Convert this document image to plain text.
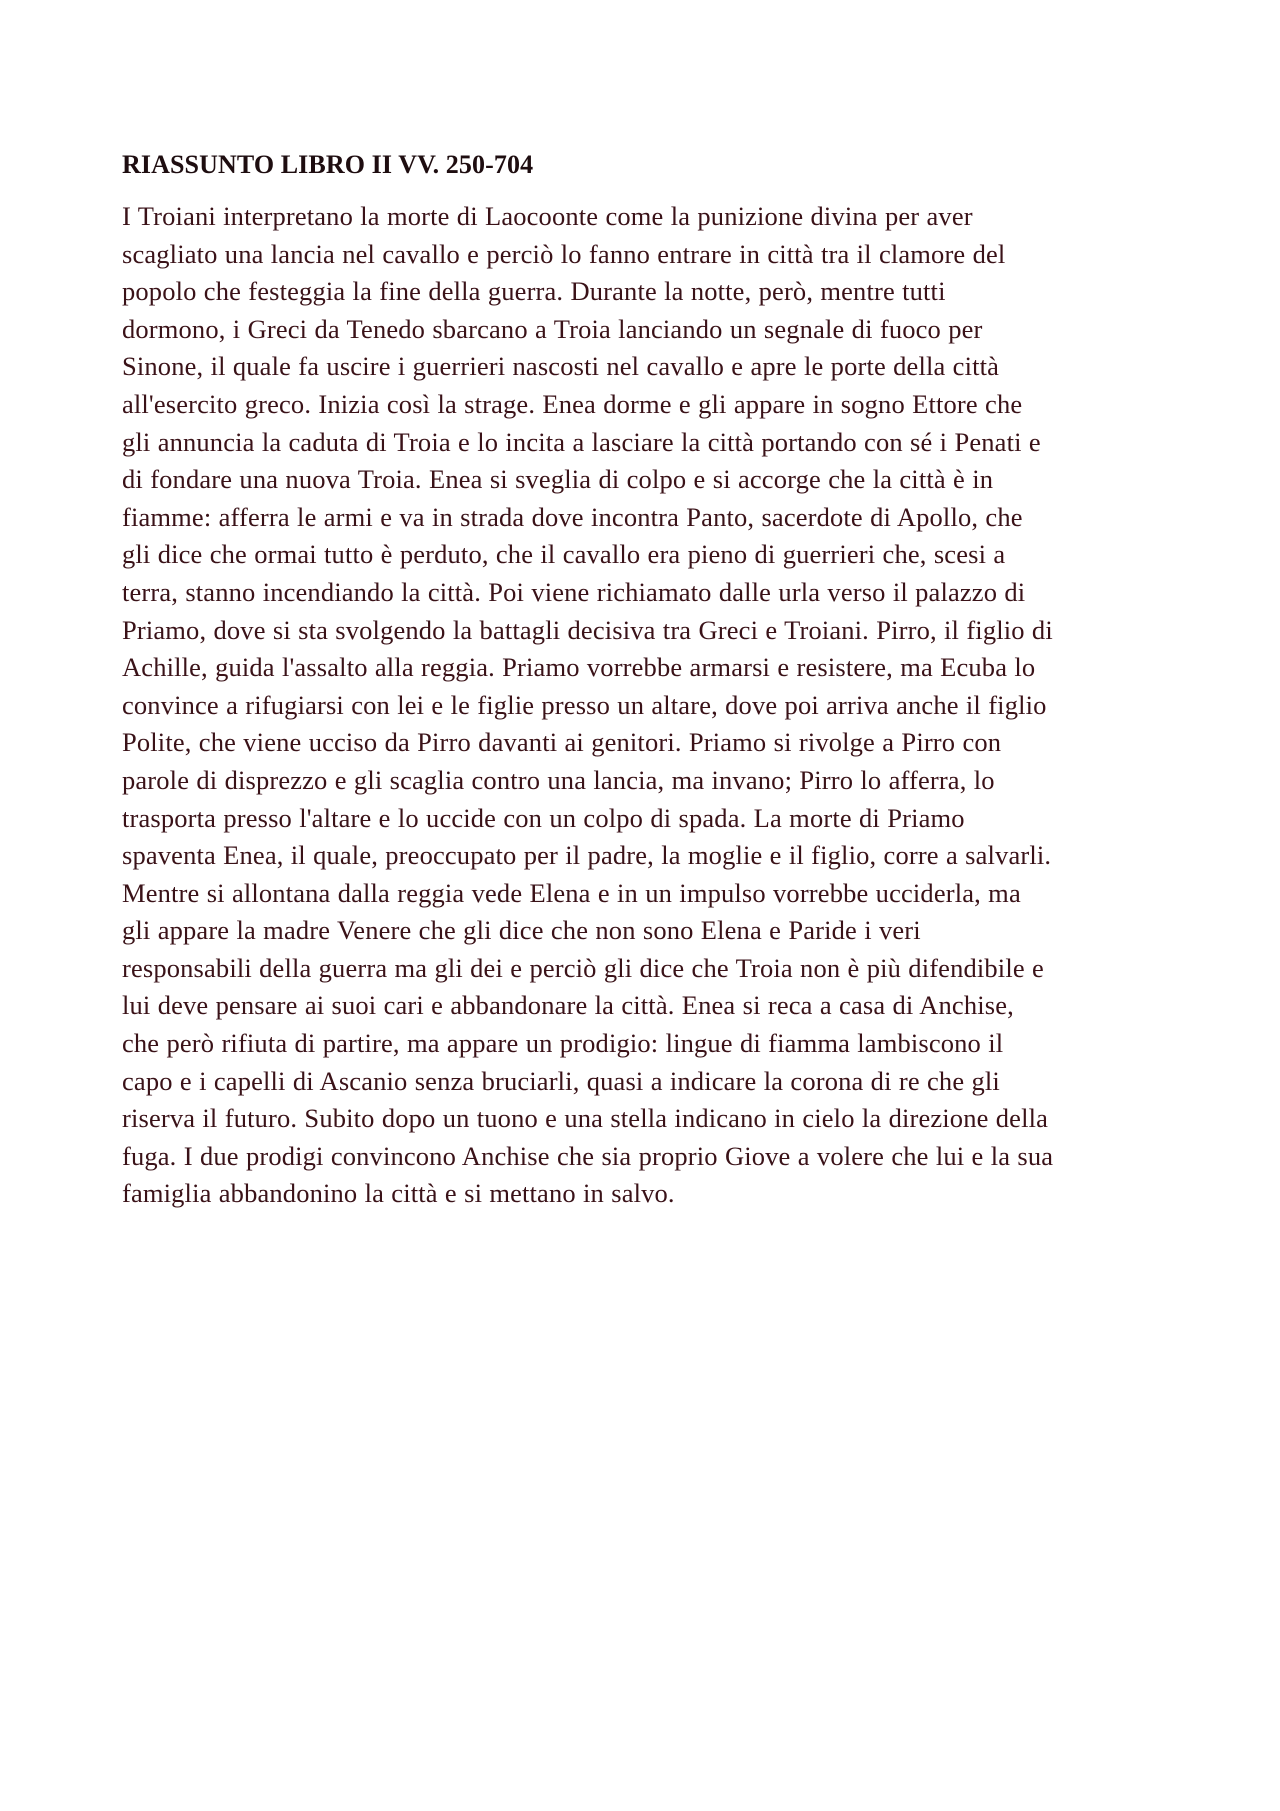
RIASSUNTO LIBRO II VV. 250-704

I Troiani interpretano la morte di Laocoonte come la punizione divina per aver

scagliato una lancia nel cavallo e perciò lo fanno entrare in città tra il clamore del

popolo che festeggia la fine della guerra. Durante la notte, però, mentre tutti

dormono, i Greci da Tenedo sbarcano a Troia lanciando un segnale di fuoco per

Sinone, il quale fa uscire i guerrieri nascosti nel cavallo e apre le porte della città

all'esercito greco. Inizia così la strage. Enea dorme e gli appare in sogno Ettore che

gli annuncia la caduta di Troia e lo incita a lasciare la città portando con sé i Penati e

di fondare una nuova Troia. Enea si sveglia di colpo e si accorge che la città è in

fiamme: afferra le armi e va in strada dove incontra Panto, sacerdote di Apollo, che

gli dice che ormai tutto è perduto, che il cavallo era pieno di guerrieri che, scesi a

terra, stanno incendiando la città. Poi viene richiamato dalle urla verso il palazzo di

Priamo, dove si sta svolgendo la battagli decisiva tra Greci e Troiani. Pirro, il figlio di

Achille, guida l'assalto alla reggia. Priamo vorrebbe armarsi e resistere, ma Ecuba lo

convince a rifugiarsi con lei e le figlie presso un altare, dove poi arriva anche il figlio

Polite, che viene ucciso da Pirro davanti ai genitori. Priamo si rivolge a Pirro con

parole di disprezzo e gli scaglia contro una lancia, ma invano; Pirro lo afferra, lo

trasporta presso l'altare e lo uccide con un colpo di spada. La morte di Priamo

spaventa Enea, il quale, preoccupato per il padre, la moglie e il figlio, corre a salvarli.

Mentre si allontana dalla reggia vede Elena e in un impulso vorrebbe ucciderla, ma

gli appare la madre Venere che gli dice che non sono Elena e Paride i veri

responsabili della guerra ma gli dei e perciò gli dice che Troia non è più difendibile e

lui deve pensare ai suoi cari e abbandonare la città. Enea si reca a casa di Anchise,

che però rifiuta di partire, ma appare un prodigio: lingue di fiamma lambiscono il

capo e i capelli di Ascanio senza bruciarli, quasi a indicare la corona di re che gli

riserva il futuro. Subito dopo un tuono e una stella indicano in cielo la direzione della

fuga. I due prodigi convincono Anchise che sia proprio Giove a volere che lui e la sua

famiglia abbandonino la città e si mettano in salvo.
